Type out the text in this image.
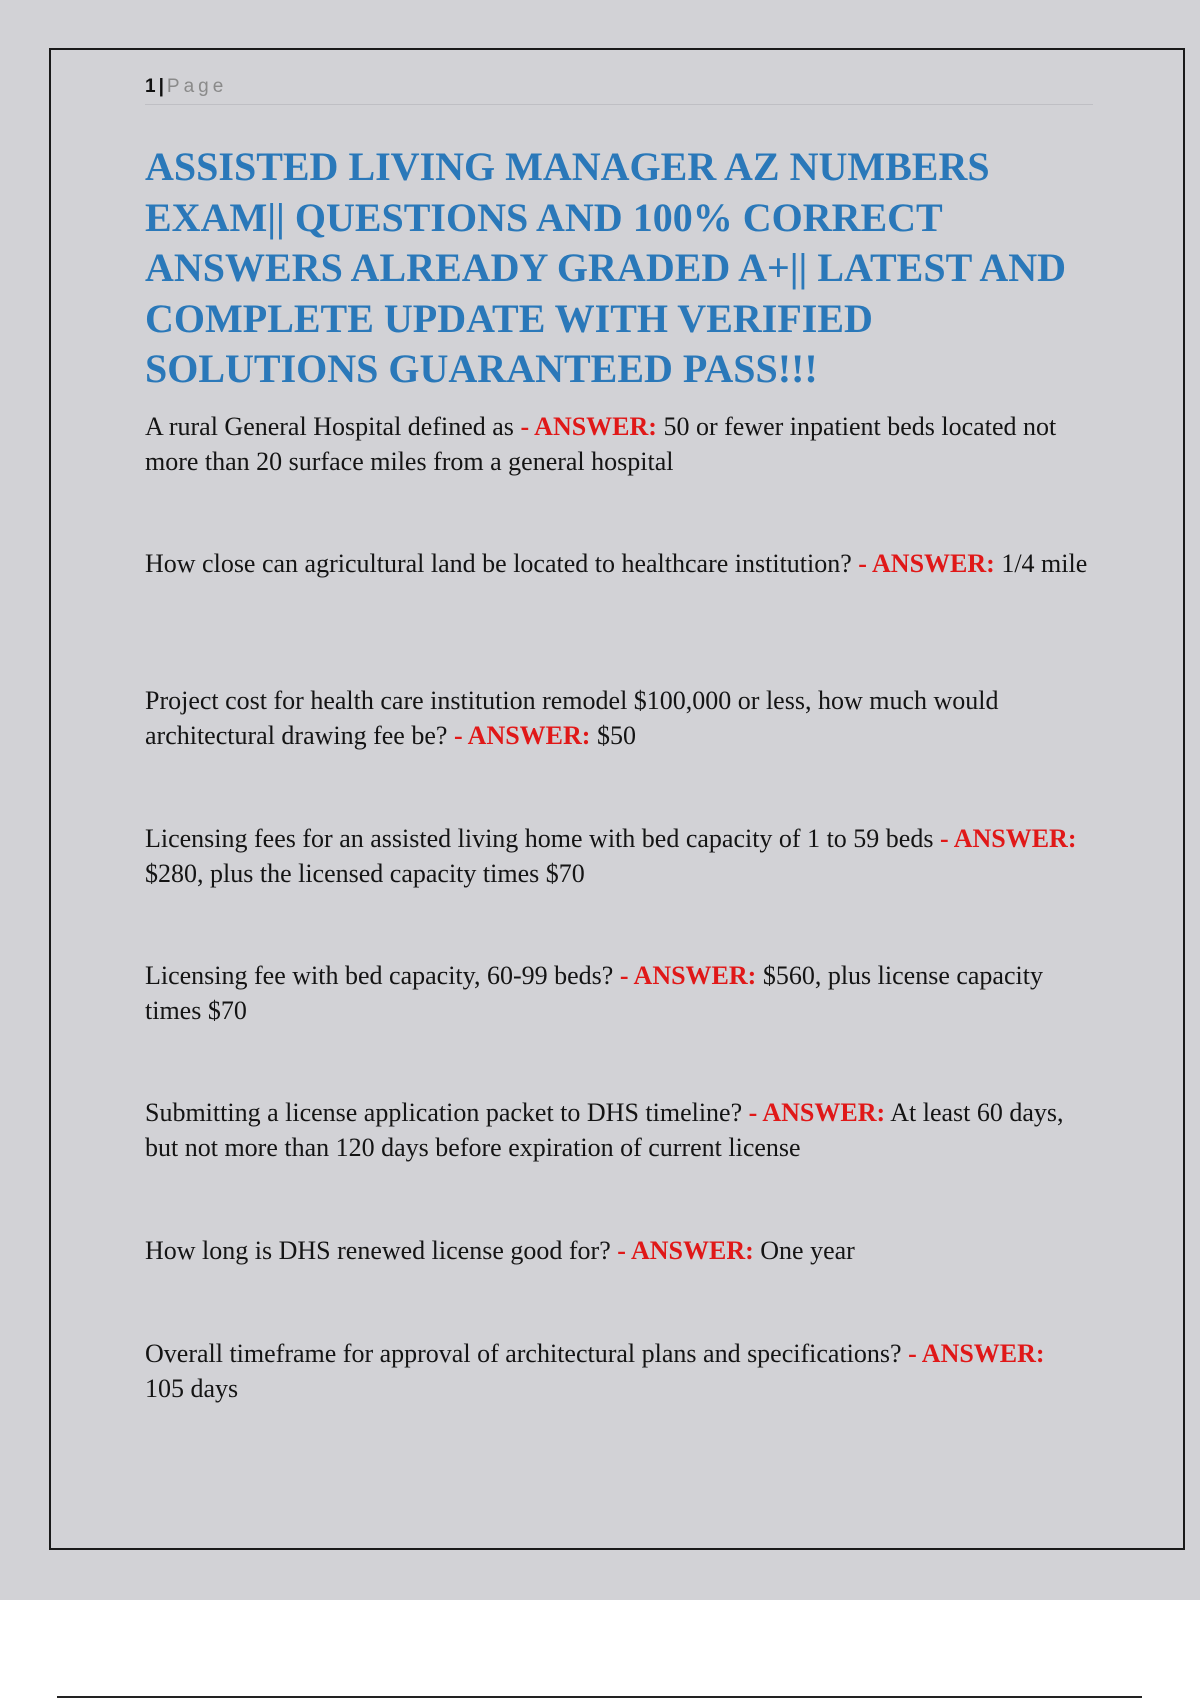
1 | Page
ASSISTED LIVING MANAGER AZ NUMBERS EXAM|| QUESTIONS AND 100% CORRECT ANSWERS ALREADY GRADED A+|| LATEST AND COMPLETE UPDATE WITH VERIFIED SOLUTIONS GUARANTEED PASS!!!

A rural General Hospital defined as - ANSWER: 50 or fewer inpatient beds located not more than 20 surface miles from a general hospital

How close can agricultural land be located to healthcare institution? - ANSWER: 1/4 mile

Project cost for health care institution remodel $100,000 or less, how much would architectural drawing fee be? - ANSWER: $50

Licensing fees for an assisted living home with bed capacity of 1 to 59 beds - ANSWER: $280, plus the licensed capacity times $70

Licensing fee with bed capacity, 60-99 beds? - ANSWER: $560, plus license capacity times $70

Submitting a license application packet to DHS timeline? - ANSWER: At least 60 days, but not more than 120 days before expiration of current license

How long is DHS renewed license good for? - ANSWER: One year

Overall timeframe for approval of architectural plans and specifications? - ANSWER: 105 days
